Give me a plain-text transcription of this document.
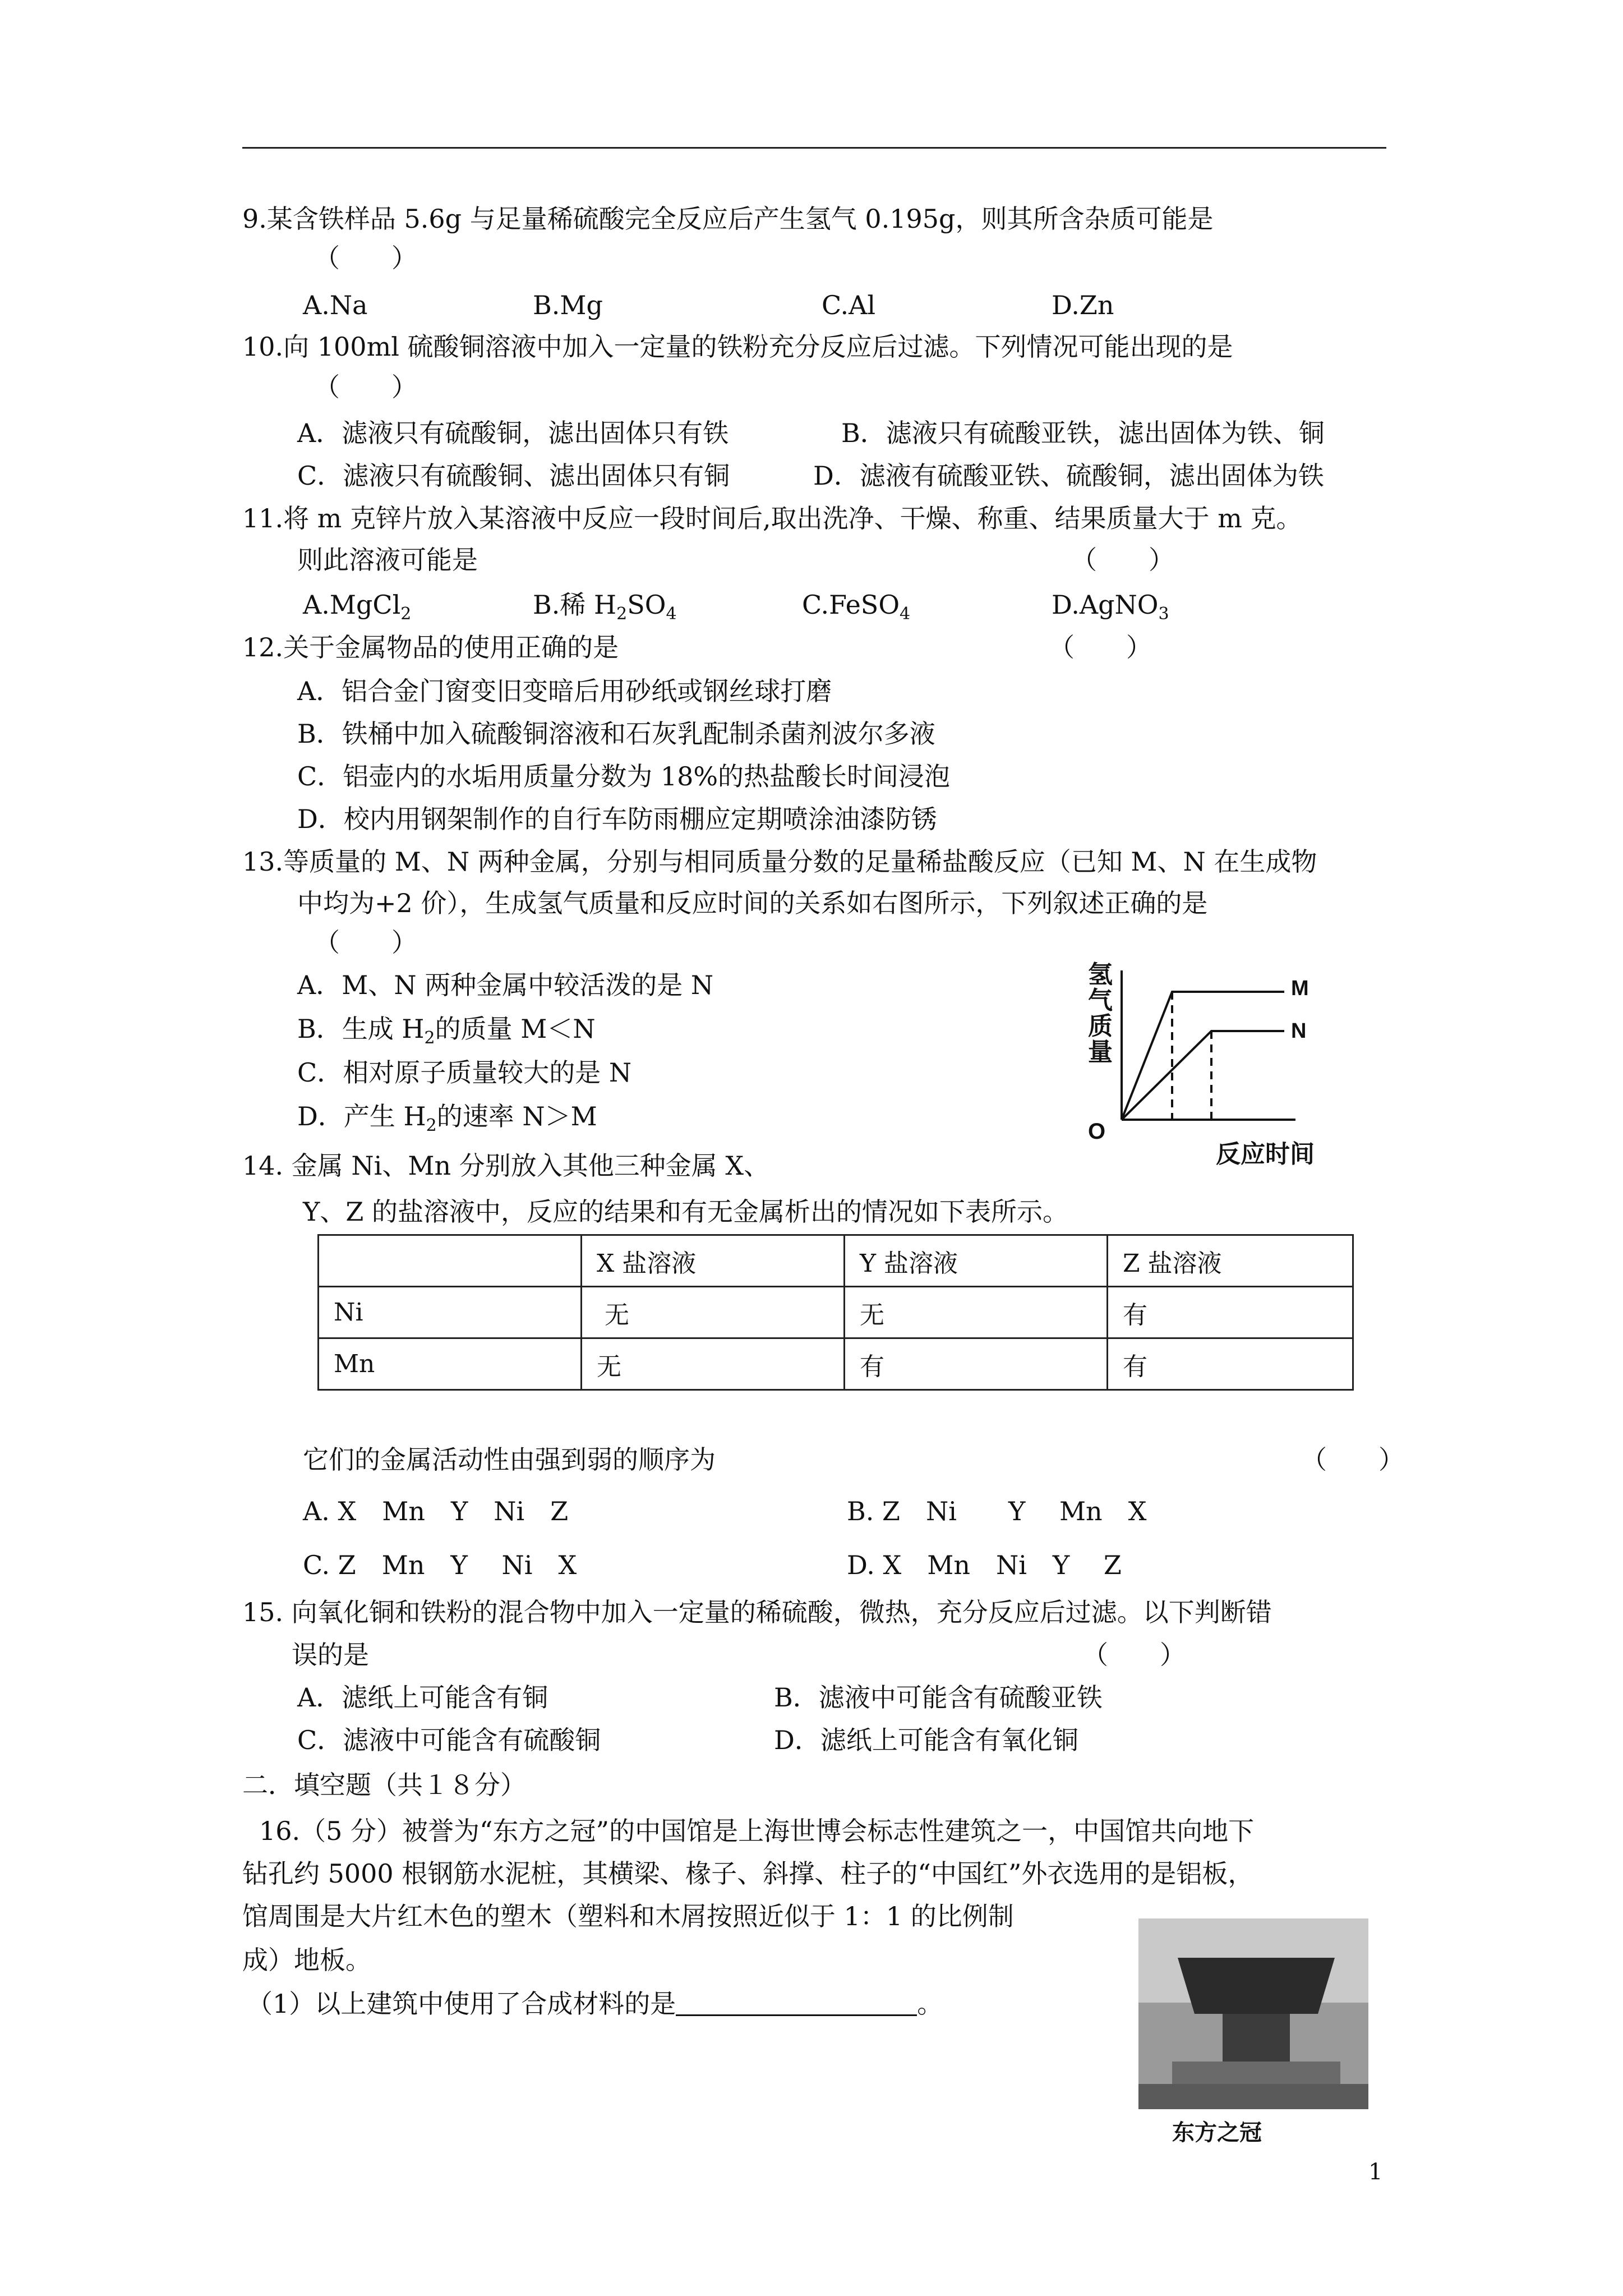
9.某含铁样品 5.6g 与足量稀硫酸完全反应后产生氢气 0.195g，则其所含杂质可能是
（　　）
A.Na	B.Mg	C.Al	D.Zn
10.向 100ml 硫酸铜溶液中加入一定量的铁粉充分反应后过滤。下列情况可能出现的是
（　　）
A．滤液只有硫酸铜，滤出固体只有铁	B．滤液只有硫酸亚铁，滤出固体为铁、铜
C．滤液只有硫酸铜、滤出固体只有铜	D．滤液有硫酸亚铁、硫酸铜，滤出固体为铁
11.将 m 克锌片放入某溶液中反应一段时间后,取出洗净、干燥、称重、结果质量大于 m 克。
则此溶液可能是	（　　）
A.MgCl$_2$	B.稀 $H_2SO_4$	C.FeSO$_4$	D.AgNO$_3$
12.关于金属物品的使用正确的是	（　　）
A．铝合金门窗变旧变暗后用砂纸或钢丝球打磨
B．铁桶中加入硫酸铜溶液和石灰乳配制杀菌剂波尔多液
C．铝壶内的水垢用质量分数为 18%的热盐酸长时间浸泡
D．校内用钢架制作的自行车防雨棚应定期喷涂油漆防锈
13.等质量的 M、N 两种金属，分别与相同质量分数的足量稀盐酸反应（已知 M、N 在生成物
中均为+2 价），生成氢气质量和反应时间的关系如右图所示，下列叙述正确的是
（　　）
A．M、N 两种金属中较活泼的是 N
B．生成 $H_2$的质量 M＜N
C．相对原子质量较大的是 N
D．产生 $H_2$的速率 N＞M
氢
气
质
量
O
反应时间
M
N
14. 金属 Ni、Mn 分别放入其他三种金属 X、
Y、Z 的盐溶液中，反应的结果和有无金属析出的情况如下表所示。
	X 盐溶液	Y 盐溶液	Z 盐溶液
Ni	无	无	有
Mn	无	有	有
它们的金属活动性由强到弱的顺序为	（　　）
A. X　Mn　Y　Ni　Z	B. Z　Ni　　Y　 Mn　X
C. Z　Mn　Y　 Ni　X	D. X　Mn　Ni　Y　 Z
15. 向氧化铜和铁粉的混合物中加入一定量的稀硫酸，微热，充分反应后过滤。以下判断错
误的是	（　　）
A．滤纸上可能含有铜	B．滤液中可能含有硫酸亚铁
C．滤液中可能含有硫酸铜	D．滤纸上可能含有氧化铜
二．填空题（共１８分）
16.（5 分）被誉为“东方之冠”的中国馆是上海世博会标志性建筑之一，中国馆共向地下
钻孔约 5000 根钢筋水泥桩，其横梁、椽子、斜撑、柱子的“中国红”外衣选用的是铝板，
馆周围是大片红木色的塑木（塑料和木屑按照近似于 1：1 的比例制
成）地板。
（1）以上建筑中使用了合成材料的是	。
东方之冠
1
